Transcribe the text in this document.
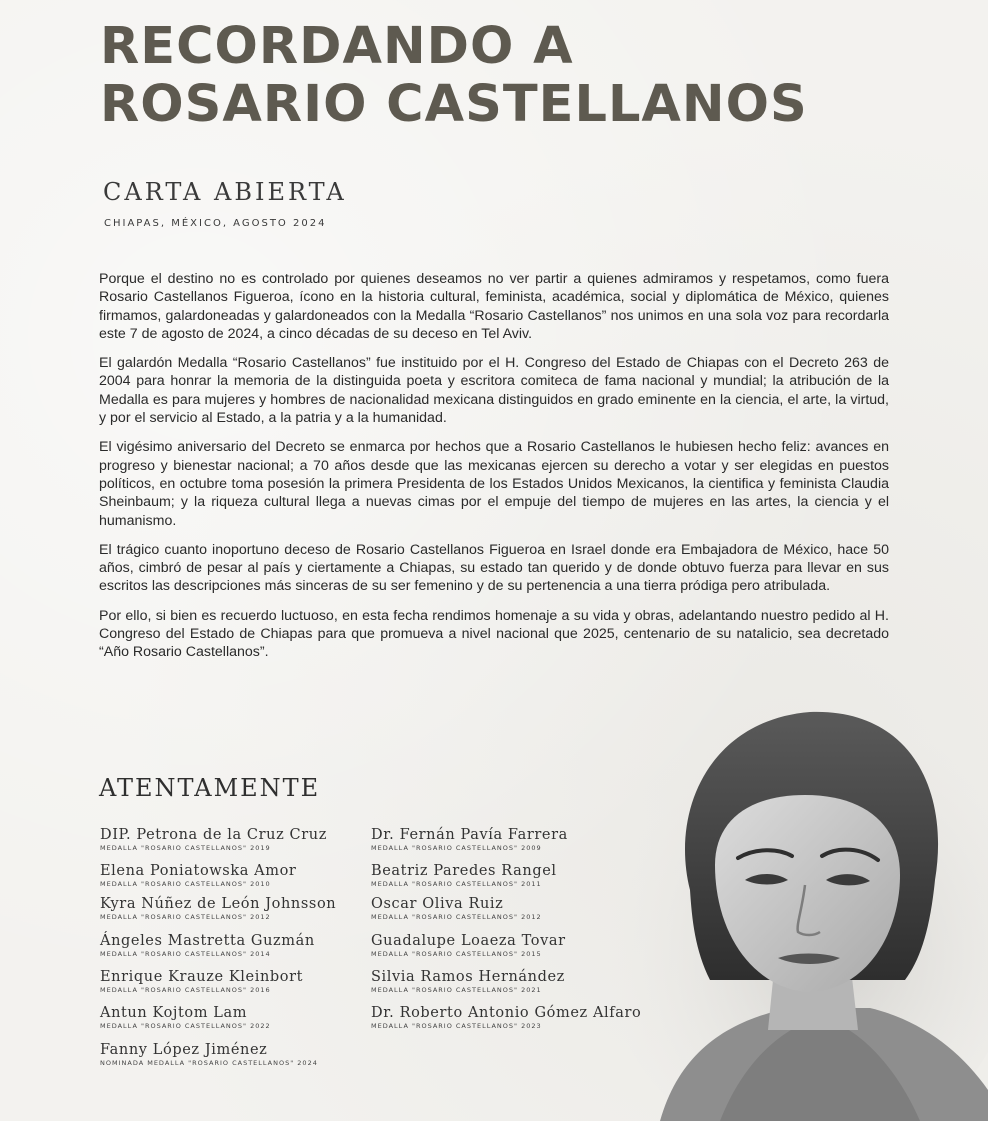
RECORDANDO A
ROSARIO CASTELLANOS
CARTA ABIERTA
CHIAPAS, MÉXICO, AGOSTO 2024

Porque el destino no es controlado por quienes deseamos no ver partir a quienes admiramos y respetamos, como fuera Rosario Castellanos Figueroa, ícono en la historia cultural, feminista, académica, social y diplomática de México, quienes firmamos, galardoneadas y galardoneados con la Medalla “Rosario Castellanos” nos unimos en una sola voz para recordarla este 7 de agosto de 2024, a cinco décadas de su deceso en Tel Aviv.

El galardón Medalla “Rosario Castellanos” fue instituido por el H. Congreso del Estado de Chiapas con el Decreto 263 de 2004 para honrar la memoria de la distinguida poeta y escritora comiteca de fama nacional y mundial; la atribución de la Medalla es para mujeres y hombres de nacionalidad mexicana distinguidos en grado eminente en la ciencia, el arte, la virtud, y por el servicio al Estado, a la patria y a la humanidad.

El vigésimo aniversario del Decreto se enmarca por hechos que a Rosario Castellanos le hubiesen hecho feliz: avances en progreso y bienestar nacional; a 70 años desde que las mexicanas ejercen su derecho a votar y ser elegidas en puestos políticos, en octubre toma posesión la primera Presidenta de los Estados Unidos Mexicanos, la cientifica y feminista Claudia Sheinbaum; y la riqueza cultural llega a nuevas cimas por el empuje del tiempo de mujeres en las artes, la ciencia y el humanismo.

El trágico cuanto inoportuno deceso de Rosario Castellanos Figueroa en Israel donde era Embajadora de México, hace 50 años, cimbró de pesar al país y ciertamente a Chiapas, su estado tan querido y de donde obtuvo fuerza para llevar en sus escritos las descripciones más sinceras de su ser femenino y de su pertenencia a una tierra pródiga pero atribulada.

Por ello, si bien es recuerdo luctuoso, en esta fecha rendimos homenaje a su vida y obras, adelantando nuestro pedido al H. Congreso del Estado de Chiapas para que promueva a nivel nacional que 2025, centenario de su natalicio, sea decretado “Año Rosario Castellanos”.

ATENTAMENTE
DIP. Petrona de la Cruz Cruz
MEDALLA "ROSARIO CASTELLANOS" 2019
Elena Poniatowska Amor
MEDALLA "ROSARIO CASTELLANOS" 2010
Kyra Núñez de León Johnsson
MEDALLA "ROSARIO CASTELLANOS" 2012
Ángeles Mastretta Guzmán
MEDALLA "ROSARIO CASTELLANOS" 2014
Enrique Krauze Kleinbort
MEDALLA "ROSARIO CASTELLANOS" 2016
Antun Kojtom Lam
MEDALLA "ROSARIO CASTELLANOS" 2022
Fanny López Jiménez
NOMINADA MEDALLA "ROSARIO CASTELLANOS" 2024
Dr. Fernán Pavía Farrera
MEDALLA "ROSARIO CASTELLANOS" 2009
Beatriz Paredes Rangel
MEDALLA "ROSARIO CASTELLANOS" 2011
Oscar Oliva Ruiz
MEDALLA "ROSARIO CASTELLANOS" 2012
Guadalupe Loaeza Tovar
MEDALLA "ROSARIO CASTELLANOS" 2015
Silvia Ramos Hernández
MEDALLA "ROSARIO CASTELLANOS" 2021
Dr. Roberto Antonio Gómez Alfaro
MEDALLA "ROSARIO CASTELLANOS" 2023
